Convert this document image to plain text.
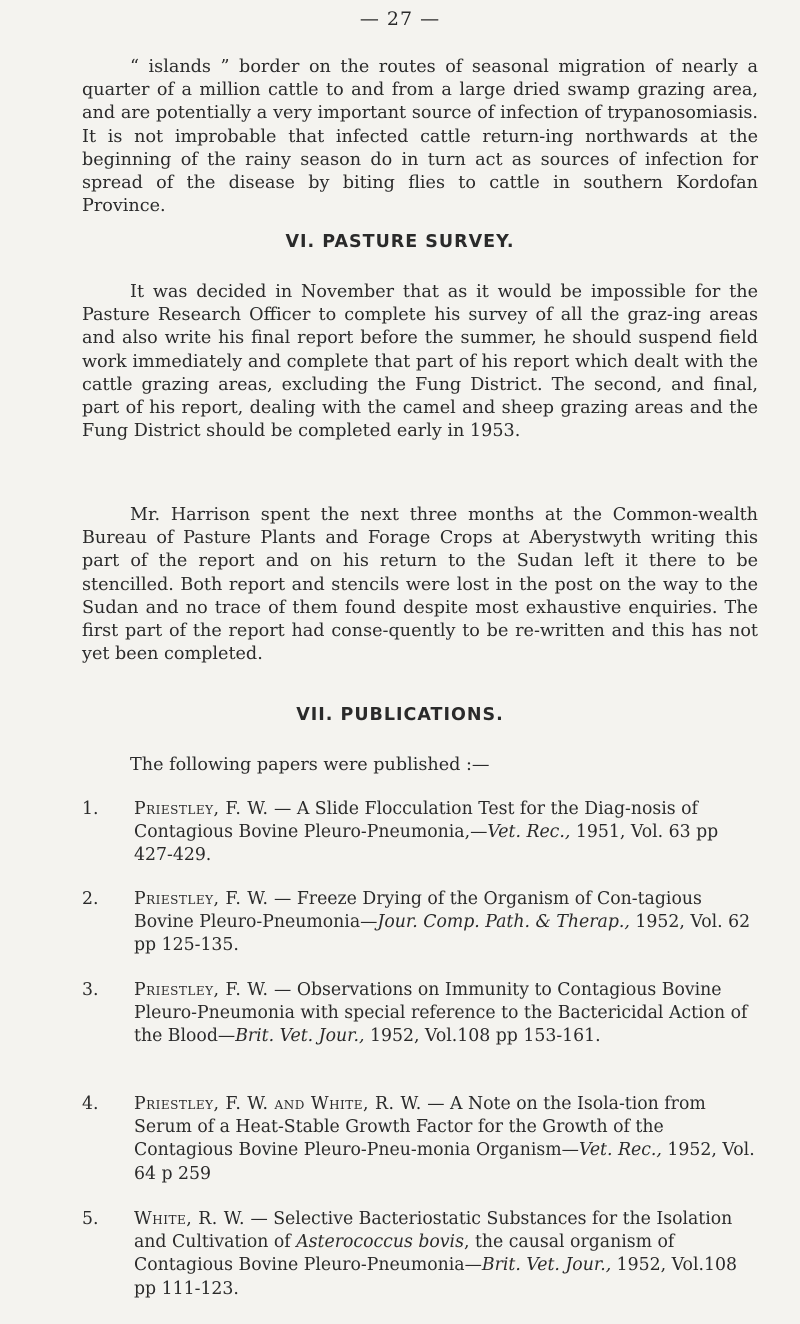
— 27 —

“ islands ” border on the routes of seasonal migration of nearly a quarter of a million cattle to and from a large dried swamp grazing area, and are potentially a very important source of infection of trypanosomiasis. It is not improbable that infected cattle return-ing northwards at the beginning of the rainy season do in turn act as sources of infection for spread of the disease by biting flies to cattle in southern Kordofan Province.

VI. PASTURE SURVEY.

It was decided in November that as it would be impossible for the Pasture Research Officer to complete his survey of all the graz-ing areas and also write his final report before the summer, he should suspend field work immediately and complete that part of his report which dealt with the cattle grazing areas, excluding the Fung District. The second, and final, part of his report, dealing with the camel and sheep grazing areas and the Fung District should be completed early in 1953.

Mr. Harrison spent the next three months at the Common-wealth Bureau of Pasture Plants and Forage Crops at Aberystwyth writing this part of the report and on his return to the Sudan left it there to be stencilled. Both report and stencils were lost in the post on the way to the Sudan and no trace of them found despite most exhaustive enquiries. The first part of the report had conse-quently to be re-written and this has not yet been completed.

VII. PUBLICATIONS.
The following papers were published :—
1.	Priestley, F. W. — A Slide Flocculation Test for the Diag-nosis of Contagious Bovine Pleuro-Pneumonia,—Vet. Rec., 1951, Vol. 63 pp 427-429.
2.	Priestley, F. W. — Freeze Drying of the Organism of Con-tagious Bovine Pleuro-Pneumonia—Jour. Comp. Path. & Therap., 1952, Vol. 62 pp 125-135.
3.	Priestley, F. W. — Observations on Immunity to Contagious Bovine Pleuro-Pneumonia with special reference to the Bactericidal Action of the Blood—Brit. Vet. Jour., 1952, Vol.108 pp 153-161.
4.	Priestley, F. W. and White, R. W. — A Note on the Isola-tion from Serum of a Heat-Stable Growth Factor for the Growth of the Contagious Bovine Pleuro-Pneu-monia Organism—Vet. Rec., 1952, Vol. 64 p 259
5.	White, R. W. — Selective Bacteriostatic Substances for the Isolation and Cultivation of Asterococcus bovis, the causal organism of Contagious Bovine Pleuro-Pneumonia—Brit. Vet. Jour., 1952, Vol.108 pp 111-123.
